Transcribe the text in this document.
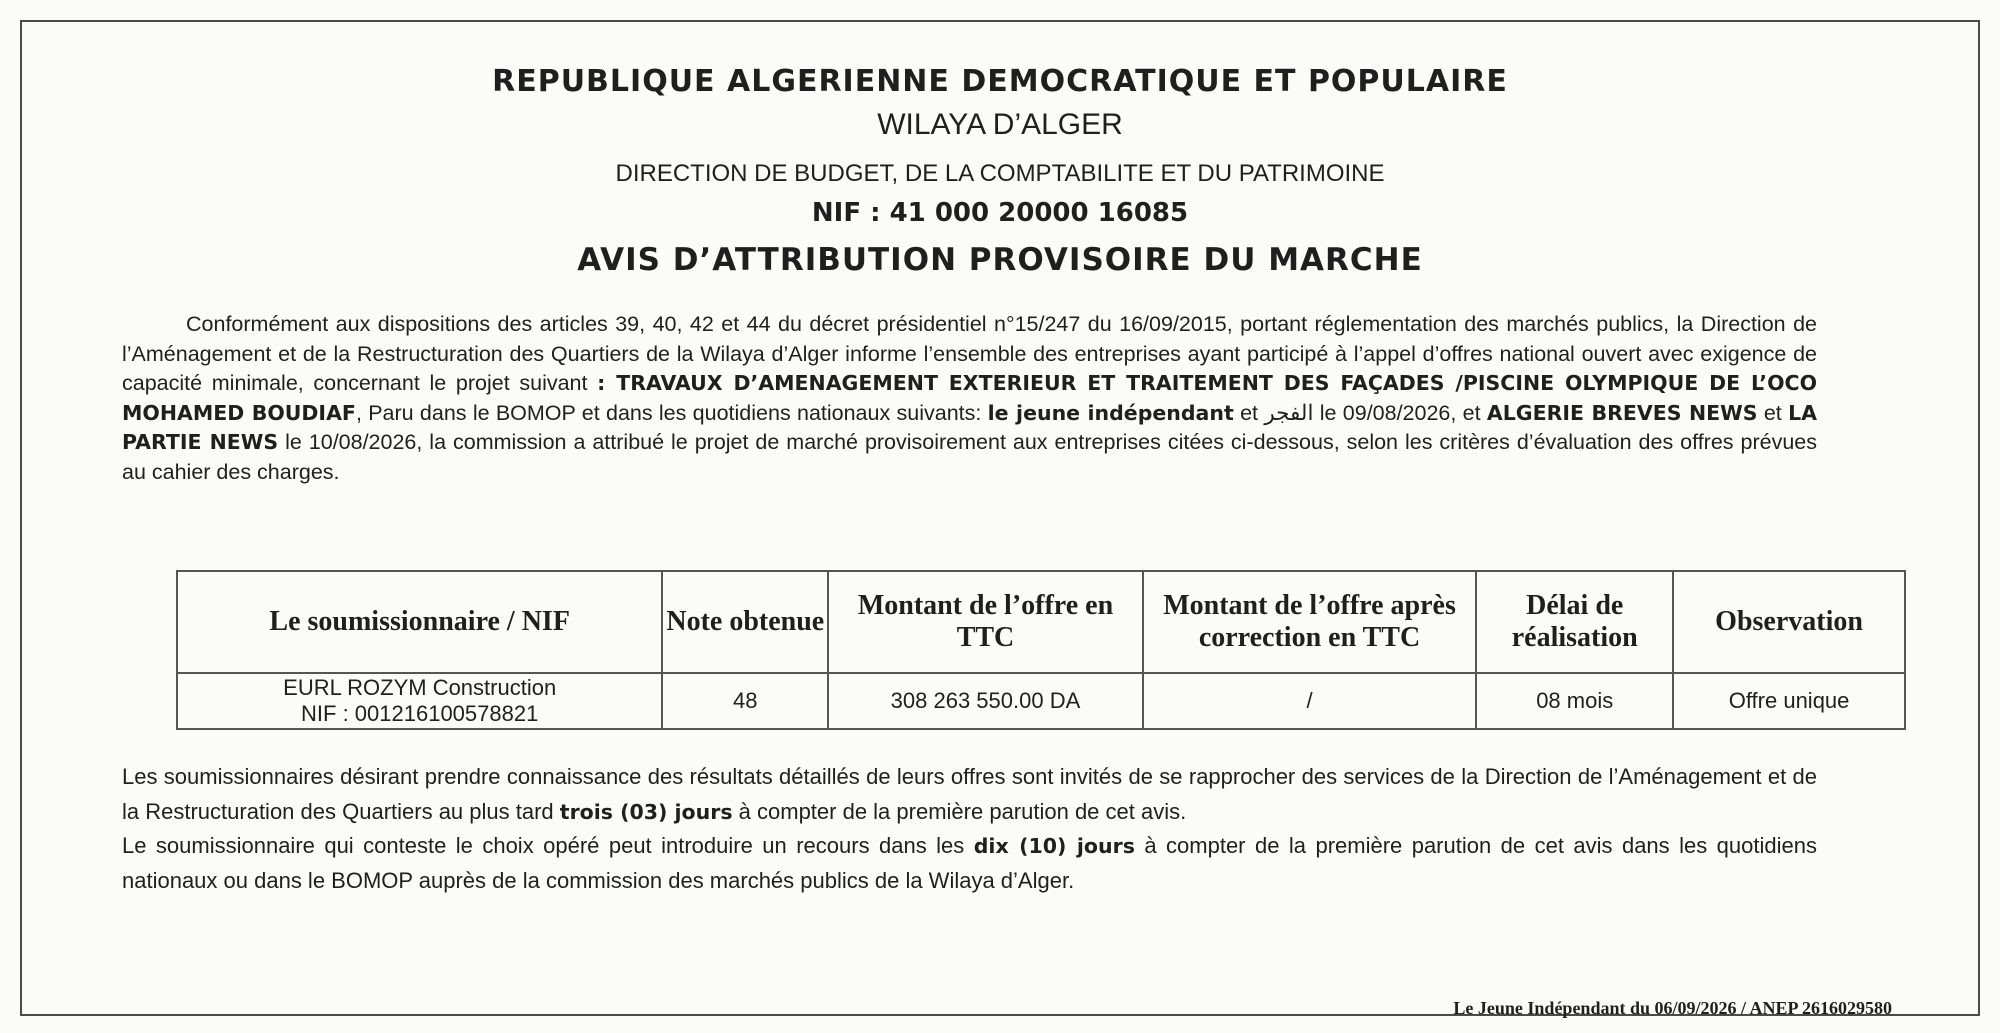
REPUBLIQUE ALGERIENNE DEMOCRATIQUE ET POPULAIRE
WILAYA D’ALGER
DIRECTION DE BUDGET, DE LA COMPTABILITE ET DU PATRIMOINE
NIF : 41 000 20000 16085
AVIS D’ATTRIBUTION PROVISOIRE DU MARCHE
Conformément aux dispositions des articles 39, 40, 42 et 44 du décret présidentiel n°15/247 du 16/09/2015, portant réglementation des marchés publics, la Direction de l’Aménagement et de la Restructuration des Quartiers de la Wilaya d’Alger informe l’ensemble des entreprises ayant participé à l’appel d’offres national ouvert avec exigence de capacité minimale, concernant le projet suivant : TRAVAUX D’AMENAGEMENT EXTERIEUR ET TRAITEMENT DES FAÇADES /PISCINE OLYMPIQUE DE L’OCO MOHAMED BOUDIAF, Paru dans le BOMOP et dans les quotidiens nationaux suivants: le jeune indépendant et الفجر le 09/08/2026, et ALGERIE BREVES NEWS et LA PARTIE NEWS le 10/08/2026, la commission a attribué le projet de marché provisoirement aux entreprises citées ci-dessous, selon les critères d’évaluation des offres prévues au cahier des charges.
Le soumissionnaire / NIF	Note obtenue	Montant de l’offre en TTC	Montant de l’offre après correction en TTC	Délai de réalisation	Observation

EURL ROZYM Construction
NIF : 001216100578821	48	308 263 550.00 DA	/	08 mois	Offre unique
Les soumissionnaires désirant prendre connaissance des résultats détaillés de leurs offres sont invités de se rapprocher des services de la Direction de l’Aménagement et de la Restructuration des Quartiers au plus tard trois (03) jours à compter de la première parution de cet avis.
Le soumissionnaire qui conteste le choix opéré peut introduire un recours dans les dix (10) jours à compter de la première parution de cet avis dans les quotidiens nationaux ou dans le BOMOP auprès de la commission des marchés publics de la Wilaya d’Alger.
Le Jeune Indépendant du 06/09/2026 / ANEP 2616029580
